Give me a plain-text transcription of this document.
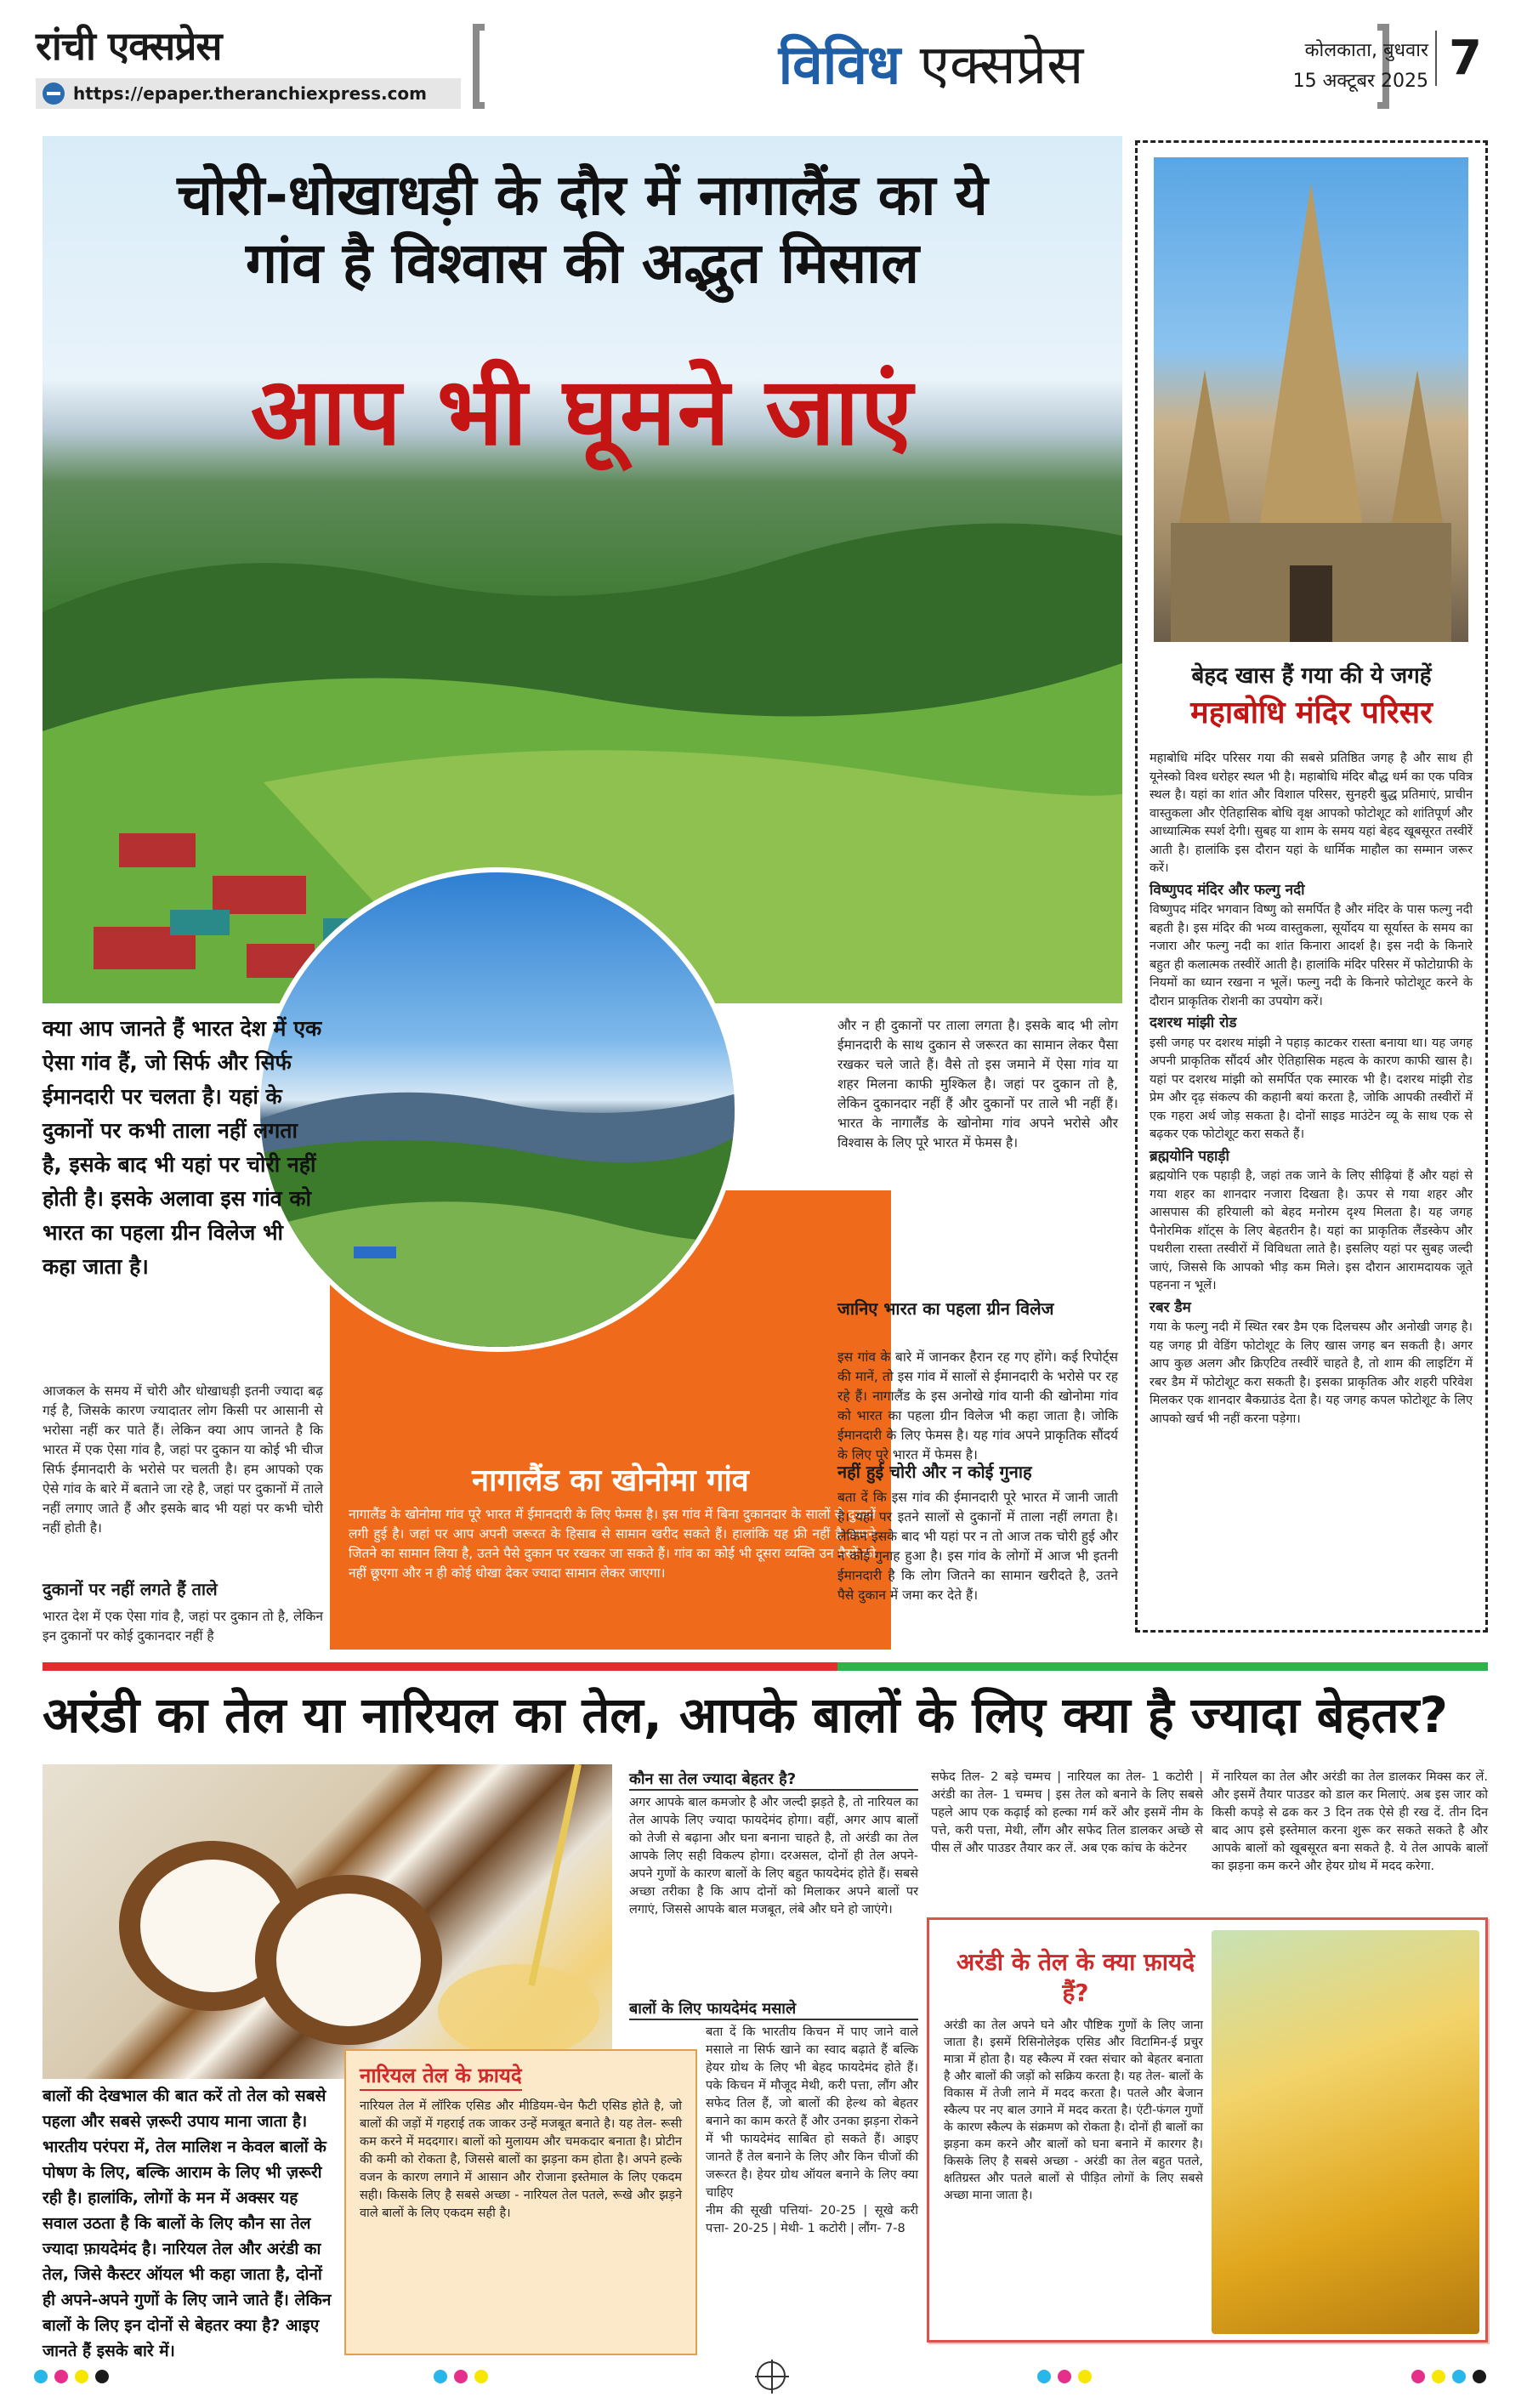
रांची एक्सप्रेस
https://epaper.theranchiexpress.com	विविध एक्सप्रेस	कोलकाता, बुधवार
15 अक्टूबर 2025 7
चोरी-धोखाधड़ी के दौर में नागालैंड का ये
गांव है विश्वास की अद्भुत मिसाल
आप भी घूमने जाएं
नागालैंड का खोनोमा गांव
नागालैंड के खोनोमा गांव पूरे भारत में ईमानदारी के लिए फेमस है। इस गांव में बिना दुकानदार के सालों से दुकानें लगी हुई है। जहां पर आप अपनी जरूरत के हिसाब से सामान खरीद सकते हैं। हालांकि यह फ्री नहीं है आपने जितने का सामान लिया है, उतने पैसे दुकान पर रखकर जा सकते हैं। गांव का कोई भी दूसरा व्यक्ति उन पैसों को नहीं छूएगा और न ही कोई धोखा देकर ज्यादा सामान लेकर जाएगा।
क्या आप जानते हैं भारत देश में एक ऐसा गांव हैं, जो सिर्फ और सिर्फ ईमानदारी पर चलता है। यहां के दुकानों पर कभी ताला नहीं लगता है, इसके बाद भी यहां पर चोरी नहीं होती है। इसके अलावा इस गांव को भारत का पहला ग्रीन विलेज भी कहा जाता है।
आजकल के समय में चोरी और धोखाधड़ी इतनी ज्यादा बढ़ गई है, जिसके कारण ज्यादातर लोग किसी पर आसानी से भरोसा नहीं कर पाते हैं। लेकिन क्या आप जानते है कि भारत में एक ऐसा गांव है, जहां पर दुकान या कोई भी चीज सिर्फ ईमानदारी के भरोसे पर चलती है। हम आपको एक ऐसे गांव के बारे में बताने जा रहे है, जहां पर दुकानों में ताले नहीं लगाए जाते हैं और इसके बाद भी यहां पर कभी चोरी नहीं होती है।
दुकानों पर नहीं लगते हैं ताले
भारत देश में एक ऐसा गांव है, जहां पर दुकान तो है, लेकिन इन दुकानों पर कोई दुकानदार नहीं है
और न ही दुकानों पर ताला लगता है। इसके बाद भी लोग ईमानदारी के साथ दुकान से जरूरत का सामान लेकर पैसा रखकर चले जाते हैं। वैसे तो इस जमाने में ऐसा गांव या शहर मिलना काफी मुश्किल है। जहां पर दुकान तो है, लेकिन दुकानदार नहीं हैं और दुकानों पर ताले भी नहीं हैं। भारत के नागालैंड के खोनोमा गांव अपने भरोसे और विश्वास के लिए पूरे भारत में फेमस है।
जानिए भारत का पहला ग्रीन विलेज
इस गांव के बारे में जानकर हैरान रह गए होंगे। कई रिपोर्ट्स की मानें, तो इस गांव में सालों से ईमानदारी के भरोसे पर रह रहे हैं। नागालैंड के इस अनोखे गांव यानी की खोनोमा गांव को भारत का पहला ग्रीन विलेज भी कहा जाता है। जोकि ईमानदारी के लिए फेमस है। यह गांव अपने प्राकृतिक सौंदर्य के लिए पूरे भारत में फेमस है।
नहीं हुई चोरी और न कोई गुनाह
बता दें कि इस गांव की ईमानदारी पूरे भारत में जानी जाती है। यहां पर इतने सालों से दुकानों में ताला नहीं लगता है। लेकिन इसके बाद भी यहां पर न तो आज तक चोरी हुई और न कोई गुनाह हुआ है। इस गांव के लोगों में आज भी इतनी ईमानदारी है कि लोग जितने का सामान खरीदते है, उतने पैसे दुकान में जमा कर देते हैं।
बेहद खास हैं गया की ये जगहें
महाबोधि मंदिर परिसर

महाबोधि मंदिर परिसर गया की सबसे प्रतिष्ठित जगह है और साथ ही यूनेस्को विश्व धरोहर स्थल भी है। महाबोधि मंदिर बौद्ध धर्म का एक पवित्र स्थल है। यहां का शांत और विशाल परिसर, सुनहरी बुद्ध प्रतिमाएं, प्राचीन वास्तुकला और ऐतिहासिक बोधि वृक्ष आपको फोटोशूट को शांतिपूर्ण और आध्यात्मिक स्पर्श देगी। सुबह या शाम के समय यहां बेहद खूबसूरत तस्वीरें आती है। हालांकि इस दौरान यहां के धार्मिक माहौल का सम्मान जरूर करें।

विष्णुपद मंदिर और फल्गु नदी

विष्णुपद मंदिर भगवान विष्णु को समर्पित है और मंदिर के पास फल्गु नदी बहती है। इस मंदिर की भव्य वास्तुकला, सूर्योदय या सूर्यास्त के समय का नजारा और फल्गु नदी का शांत किनारा आदर्श है। इस नदी के किनारे बहुत ही कलात्मक तस्वीरें आती है। हालांकि मंदिर परिसर में फोटोग्राफी के नियमों का ध्यान रखना न भूलें। फल्गु नदी के किनारे फोटोशूट करने के दौरान प्राकृतिक रोशनी का उपयोग करें।

दशरथ मांझी रोड

इसी जगह पर दशरथ मांझी ने पहाड़ काटकर रास्ता बनाया था। यह जगह अपनी प्राकृतिक सौंदर्य और ऐतिहासिक महत्व के कारण काफी खास है। यहां पर दशरथ मांझी को समर्पित एक स्मारक भी है। दशरथ मांझी रोड प्रेम और दृढ़ संकल्प की कहानी बयां करता है, जोकि आपकी तस्वीरों में एक गहरा अर्थ जोड़ सकता है। दोनों साइड माउंटेन व्यू के साथ एक से बढ़कर एक फोटोशूट करा सकते हैं।

ब्रह्मयोनि पहाड़ी

ब्रह्मयोनि एक पहाड़ी है, जहां तक जाने के लिए सीढ़ियां हैं और यहां से गया शहर का शानदार नजारा दिखता है। ऊपर से गया शहर और आसपास की हरियाली को बेहद मनोरम दृश्य मिलता है। यह जगह पैनोरमिक शॉट्स के लिए बेहतरीन है। यहां का प्राकृतिक लैंडस्केप और पथरीला रास्ता तस्वीरों में विविधता लाते है। इसलिए यहां पर सुबह जल्दी जाएं, जिससे कि आपको भीड़ कम मिले। इस दौरान आरामदायक जूते पहनना न भूलें।

रबर डैम

गया के फल्गु नदी में स्थित रबर डैम एक दिलचस्प और अनोखी जगह है। यह जगह प्री वेडिंग फोटोशूट के लिए खास जगह बन सकती है। अगर आप कुछ अलग और क्रिएटिव तस्वीरें चाहते है, तो शाम की लाइटिंग में रबर डैम में फोटोशूट करा सकती है। इसका प्राकृतिक और शहरी परिवेश मिलकर एक शानदार बैकग्राउंड देता है। यह जगह कपल फोटोशूट के लिए आपको खर्च भी नहीं करना पड़ेगा।

अरंडी का तेल या नारियल का तेल, आपके बालों के लिए क्या है ज्यादा बेहतर?
बालों की देखभाल की बात करें तो तेल को सबसे पहला और सबसे ज़रूरी उपाय माना जाता है। भारतीय परंपरा में, तेल मालिश न केवल बालों के पोषण के लिए, बल्कि आराम के लिए भी ज़रूरी रही है। हालांकि, लोगों के मन में अक्सर यह सवाल उठता है कि बालों के लिए कौन सा तेल ज्यादा फ़ायदेमंद है। नारियल तेल और अरंडी का तेल, जिसे कैस्टर ऑयल भी कहा जाता है, दोनों ही अपने-अपने गुणों के लिए जाने जाते हैं। लेकिन बालों के लिए इन दोनों से बेहतर क्या है? आइए जानते हैं इसके बारे में।
नारियल तेल के फ्रायदे
नारियल तेल में लॉरिक एसिड और मीडियम-चेन फैटी एसिड होते है, जो बालों की जड़ों में गहराई तक जाकर उन्हें मजबूत बनाते है। यह तेल- रूसी कम करने में मददगार। बालों को मुलायम और चमकदार बनाता है। प्रोटीन की कमी को रोकता है, जिससे बालों का झड़ना कम होता है। अपने हल्के वजन के कारण लगाने में आसान और रोजाना इस्तेमाल के लिए एकदम सही। किसके लिए है सबसे अच्छा - नारियल तेल पतले, रूखे और झड़ने वाले बालों के लिए एकदम सही है।
कौन सा तेल ज्यादा बेहतर है?
अगर आपके बाल कमजोर है और जल्दी झड़ते है, तो नारियल का तेल आपके लिए ज्यादा फायदेमंद होगा। वहीं, अगर आप बालों को तेजी से बढ़ाना और घना बनाना चाहते है, तो अरंडी का तेल आपके लिए सही विकल्प होगा। दरअसल, दोनों ही तेल अपने-अपने गुणों के कारण बालों के लिए बहुत फायदेमंद होते हैं। सबसे अच्छा तरीका है कि आप दोनों को मिलाकर अपने बालों पर लगाएं, जिससे आपके बाल मजबूत, लंबे और घने हो जाएंगे।
बालों के लिए फायदेमंद मसाले

बता दें कि भारतीय किचन में पाए जाने वाले मसाले ना सिर्फ खाने का स्वाद बढ़ाते हैं बल्कि हेयर ग्रोथ के लिए भी बेहद फायदेमंद होते हैं। पके किचन में मौजूद मेथी, करी पत्ता, लौंग और सफेद तिल हैं, जो बालों की हेल्थ को बेहतर बनाने का काम करते हैं और उनका झड़ना रोकने में भी फायदेमंद साबित हो सकते हैं। आइए जानते हैं तेल बनाने के लिए और किन चीजों की जरूरत है। हेयर ग्रोथ ऑयल बनाने के लिए क्या चाहिए

नीम की सूखी पत्तियां- 20-25 | सूखे करी पत्ता- 20-25 | मेथी- 1 कटोरी | लौंग- 7-8

सफेद तिल- 2 बड़े चम्मच | नारियल का तेल- 1 कटोरी | अरंडी का तेल- 1 चम्मच | इस तेल को बनाने के लिए सबसे पहले आप एक कढ़ाई को हल्का गर्म करें और इसमें नीम के पत्ते, करी पत्ता, मेथी, लौंग और सफेद तिल डालकर अच्छे से पीस लें और पाउडर तैयार कर लें. अब एक कांच के कंटेनर
में नारियल का तेल और अरंडी का तेल डालकर मिक्स कर लें. और इसमें तैयार पाउडर को डाल कर मिलाएं. अब इस जार को किसी कपड़े से ढक कर 3 दिन तक ऐसे ही रख दें. तीन दिन बाद आप इसे इस्तेमाल करना शुरू कर सकते सकते है और आपके बालों को खूबसूरत बना सकते है. ये तेल आपके बालों का झड़ना कम करने और हेयर ग्रोथ में मदद करेगा.
अरंडी के तेल के क्या फ़ायदे हैं?
अरंडी का तेल अपने घने और पौष्टिक गुणों के लिए जाना जाता है। इसमें रिसिनोलेइक एसिड और विटामिन-ई प्रचुर मात्रा में होता है। यह स्कैल्प में रक्त संचार को बेहतर बनाता है और बालों की जड़ों को सक्रिय करता है। यह तेल- बालों के विकास में तेजी लाने में मदद करता है। पतले और बेजान स्कैल्प पर नए बाल उगाने में मदद करता है। एंटी-फंगल गुणों के कारण स्कैल्प के संक्रमण को रोकता है। दोनों ही बालों का झड़ना कम करने और बालों को घना बनाने में कारगर है। किसके लिए है सबसे अच्छा - अरंडी का तेल बहुत पतले, क्षतिग्रस्त और पतले बालों से पीड़ित लोगों के लिए सबसे अच्छा माना जाता है।
